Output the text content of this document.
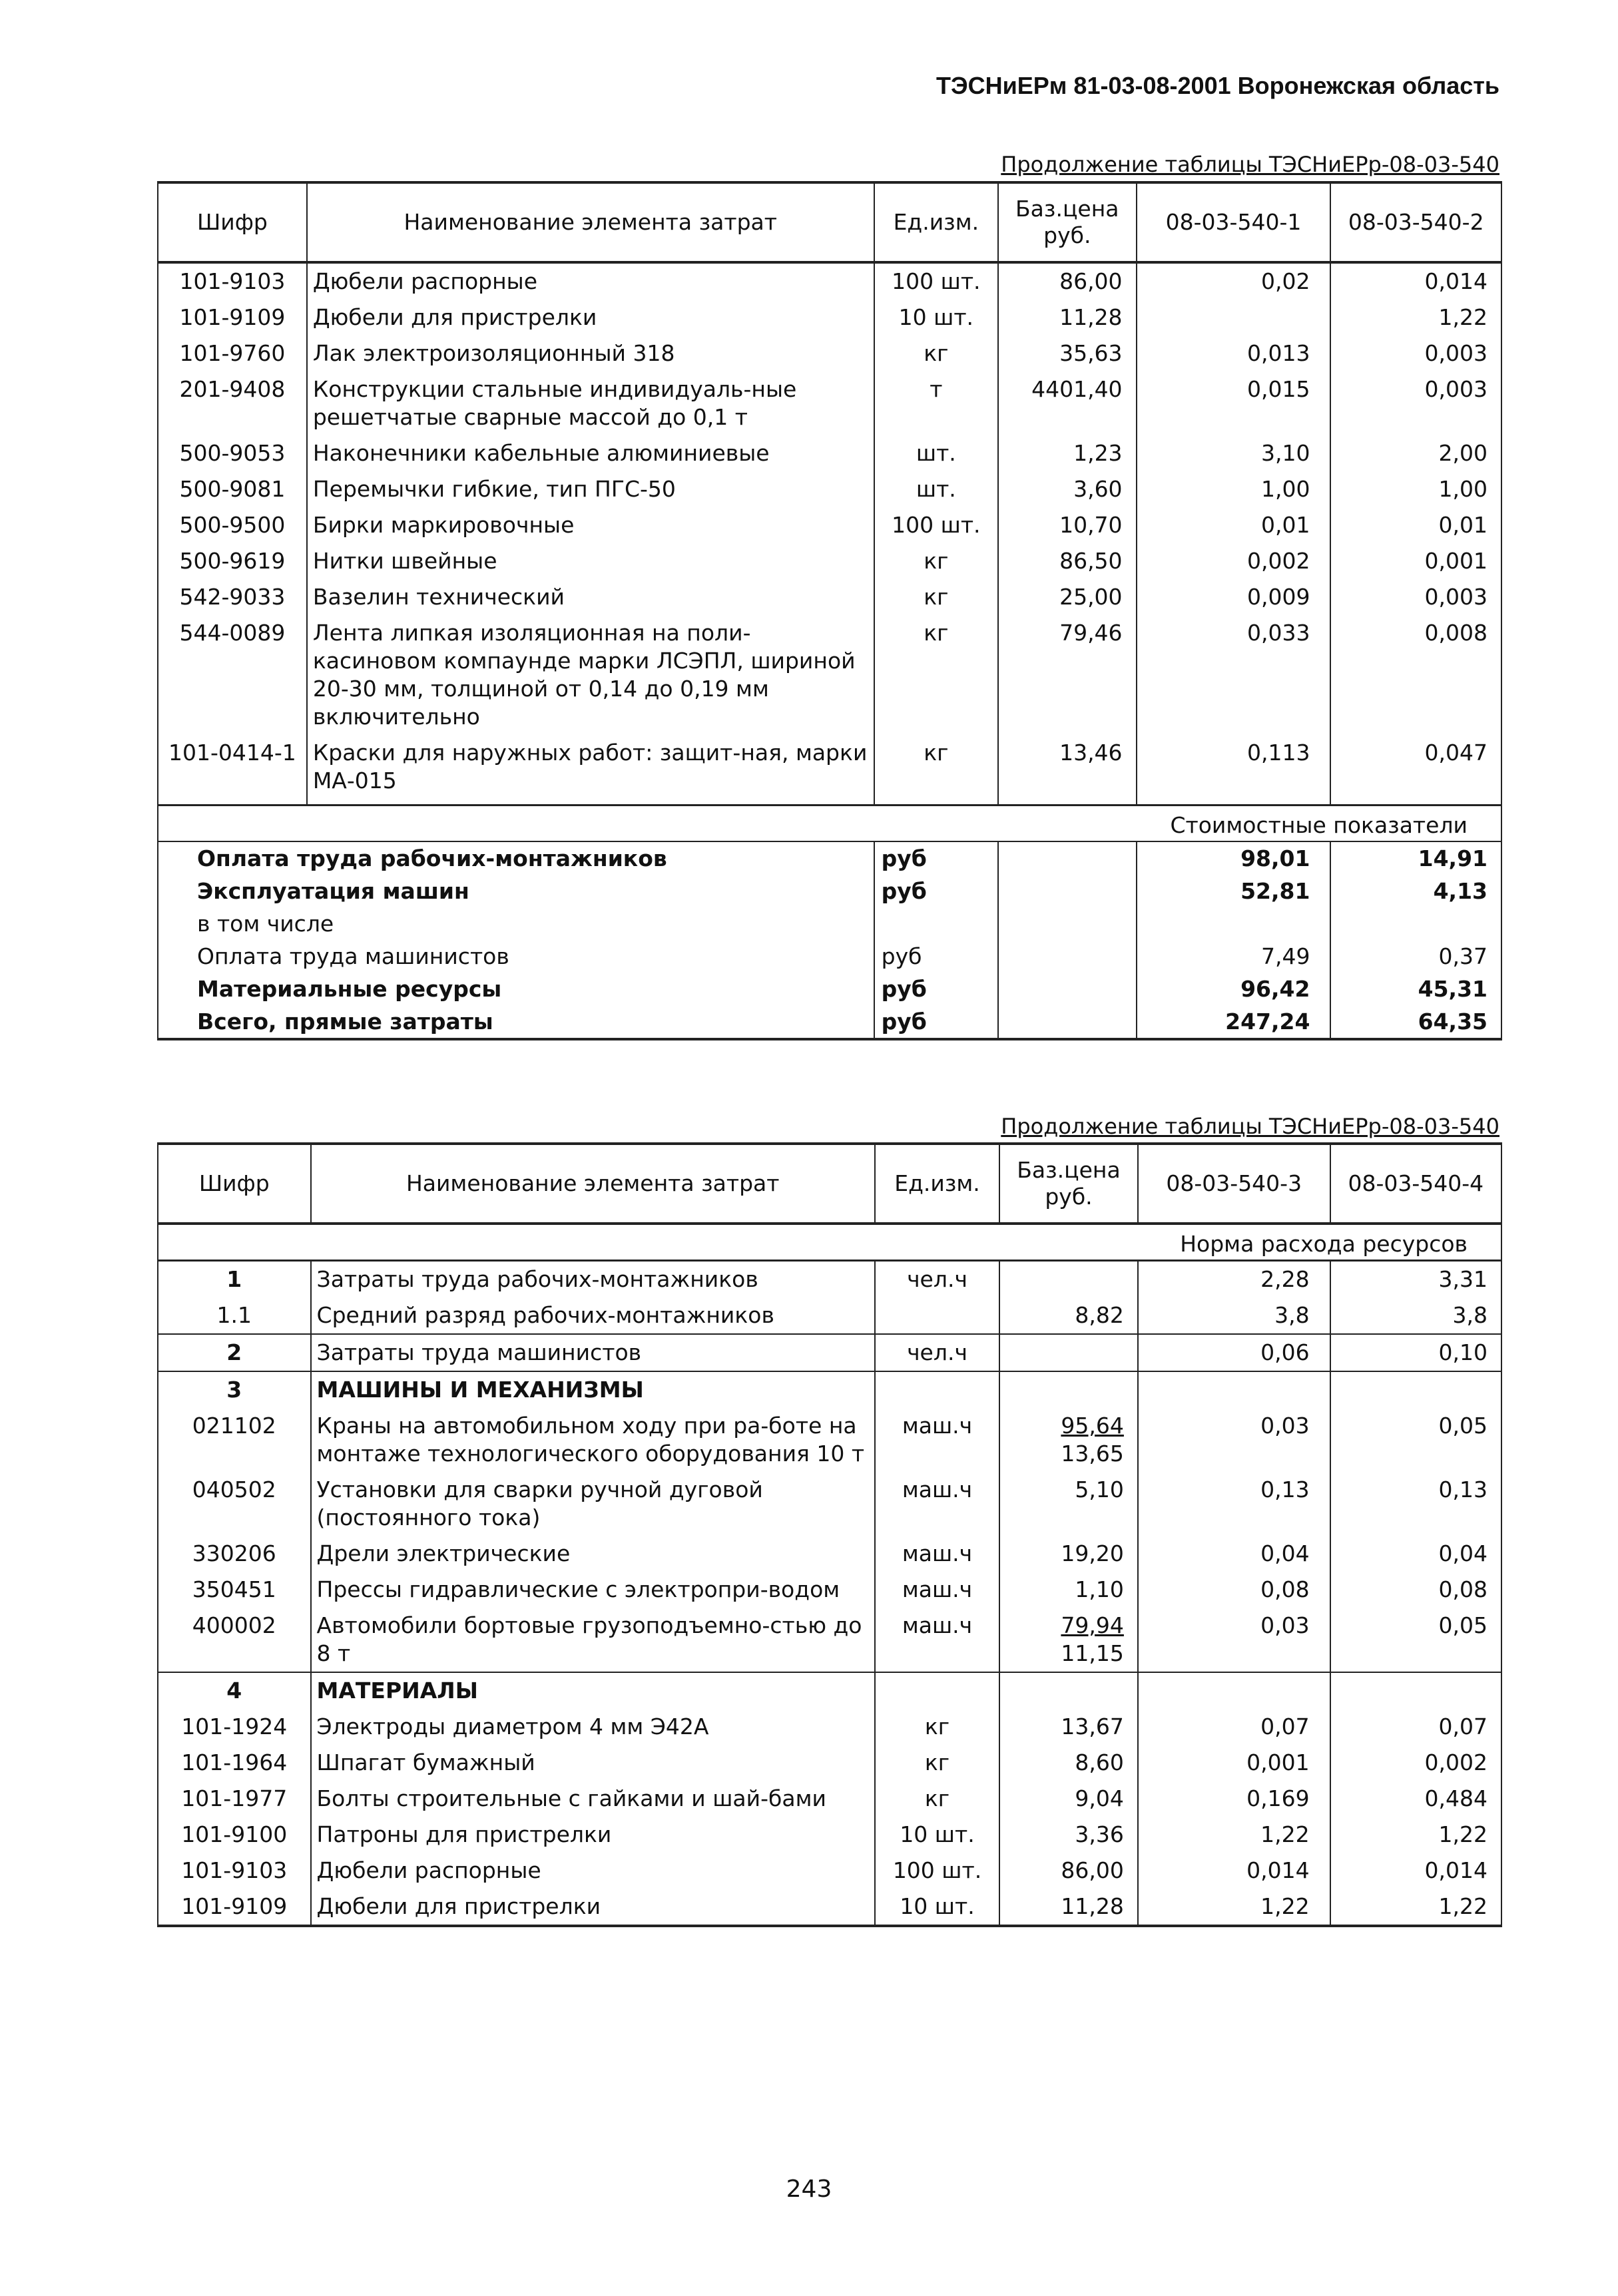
ТЭСНиЕРм 81-03-08-2001 Воронежская область
Продолжение таблицы ТЭСНиЕРр-08-03-540
Шифр	Наименование элемента затрат	Ед.изм.	Баз.цена руб.	08-03-540-1	08-03-540-2
101-9103	Дюбели распорные	100 шт.	86,00	0,02	0,014
101-9109	Дюбели для пристрелки	10 шт.	11,28		1,22
101-9760	Лак электроизоляционный 318	кг	35,63	0,013	0,003
201-9408	Конструкции стальные индивидуаль-ные решетчатые сварные массой до 0,1 т	т	4401,40	0,015	0,003
500-9053	Наконечники кабельные алюминиевые	шт.	1,23	3,10	2,00
500-9081	Перемычки гибкие, тип ПГС-50	шт.	3,60	1,00	1,00
500-9500	Бирки маркировочные	100 шт.	10,70	0,01	0,01
500-9619	Нитки швейные	кг	86,50	0,002	0,001
542-9033	Вазелин технический	кг	25,00	0,009	0,003
544-0089	Лента липкая изоляционная на поли-касиновом компаунде марки ЛСЭПЛ, шириной 20-30 мм, толщиной от 0,14 до 0,19 мм включительно	кг	79,46	0,033	0,008
101-0414-1	Краски для наружных работ: защит-ная, марки МА-015	кг	13,46	0,113	0,047
Стоимостные показатели					
Оплата труда рабочих-монтажников		руб		98,01	14,91
Эксплуатация машин		руб		52,81	4,13
в том числе					
Оплата труда машинистов		руб		7,49	0,37
Материальные ресурсы		руб		96,42	45,31
Всего, прямые затраты		руб		247,24	64,35
Продолжение таблицы ТЭСНиЕРр-08-03-540
Шифр	Наименование элемента затрат	Ед.изм.	Баз.цена руб.	08-03-540-3	08-03-540-4
Норма расхода ресурсов					
1	Затраты труда рабочих-монтажников	чел.ч		2,28	3,31
1.1	Средний разряд рабочих-монтажников		8,82	3,8	3,8
2	Затраты труда машинистов	чел.ч		0,06	0,10
3	МАШИНЫ И МЕХАНИЗМЫ				
021102	Краны на автомобильном ходу при ра-боте на монтаже технологического оборудования 10 т	маш.ч	$\frac{95,64}{13,65}$	0,03	0,05
040502	Установки для сварки ручной дуговой (постоянного тока)	маш.ч	5,10	0,13	0,13
330206	Дрели электрические	маш.ч	19,20	0,04	0,04
350451	Прессы гидравлические с электропри-водом	маш.ч	1,10	0,08	0,08
400002	Автомобили бортовые грузоподъемно-стью до 8 т	маш.ч	$\frac{79,94}{11,15}$	0,03	0,05
4	МАТЕРИАЛЫ				
101-1924	Электроды диаметром 4 мм Э42А	кг	13,67	0,07	0,07
101-1964	Шпагат бумажный	кг	8,60	0,001	0,002
101-1977	Болты строительные с гайками и шай-бами	кг	9,04	0,169	0,484
101-9100	Патроны для пристрелки	10 шт.	3,36	1,22	1,22
101-9103	Дюбели распорные	100 шт.	86,00	0,014	0,014
101-9109	Дюбели для пристрелки	10 шт.	11,28	1,22	1,22
243
